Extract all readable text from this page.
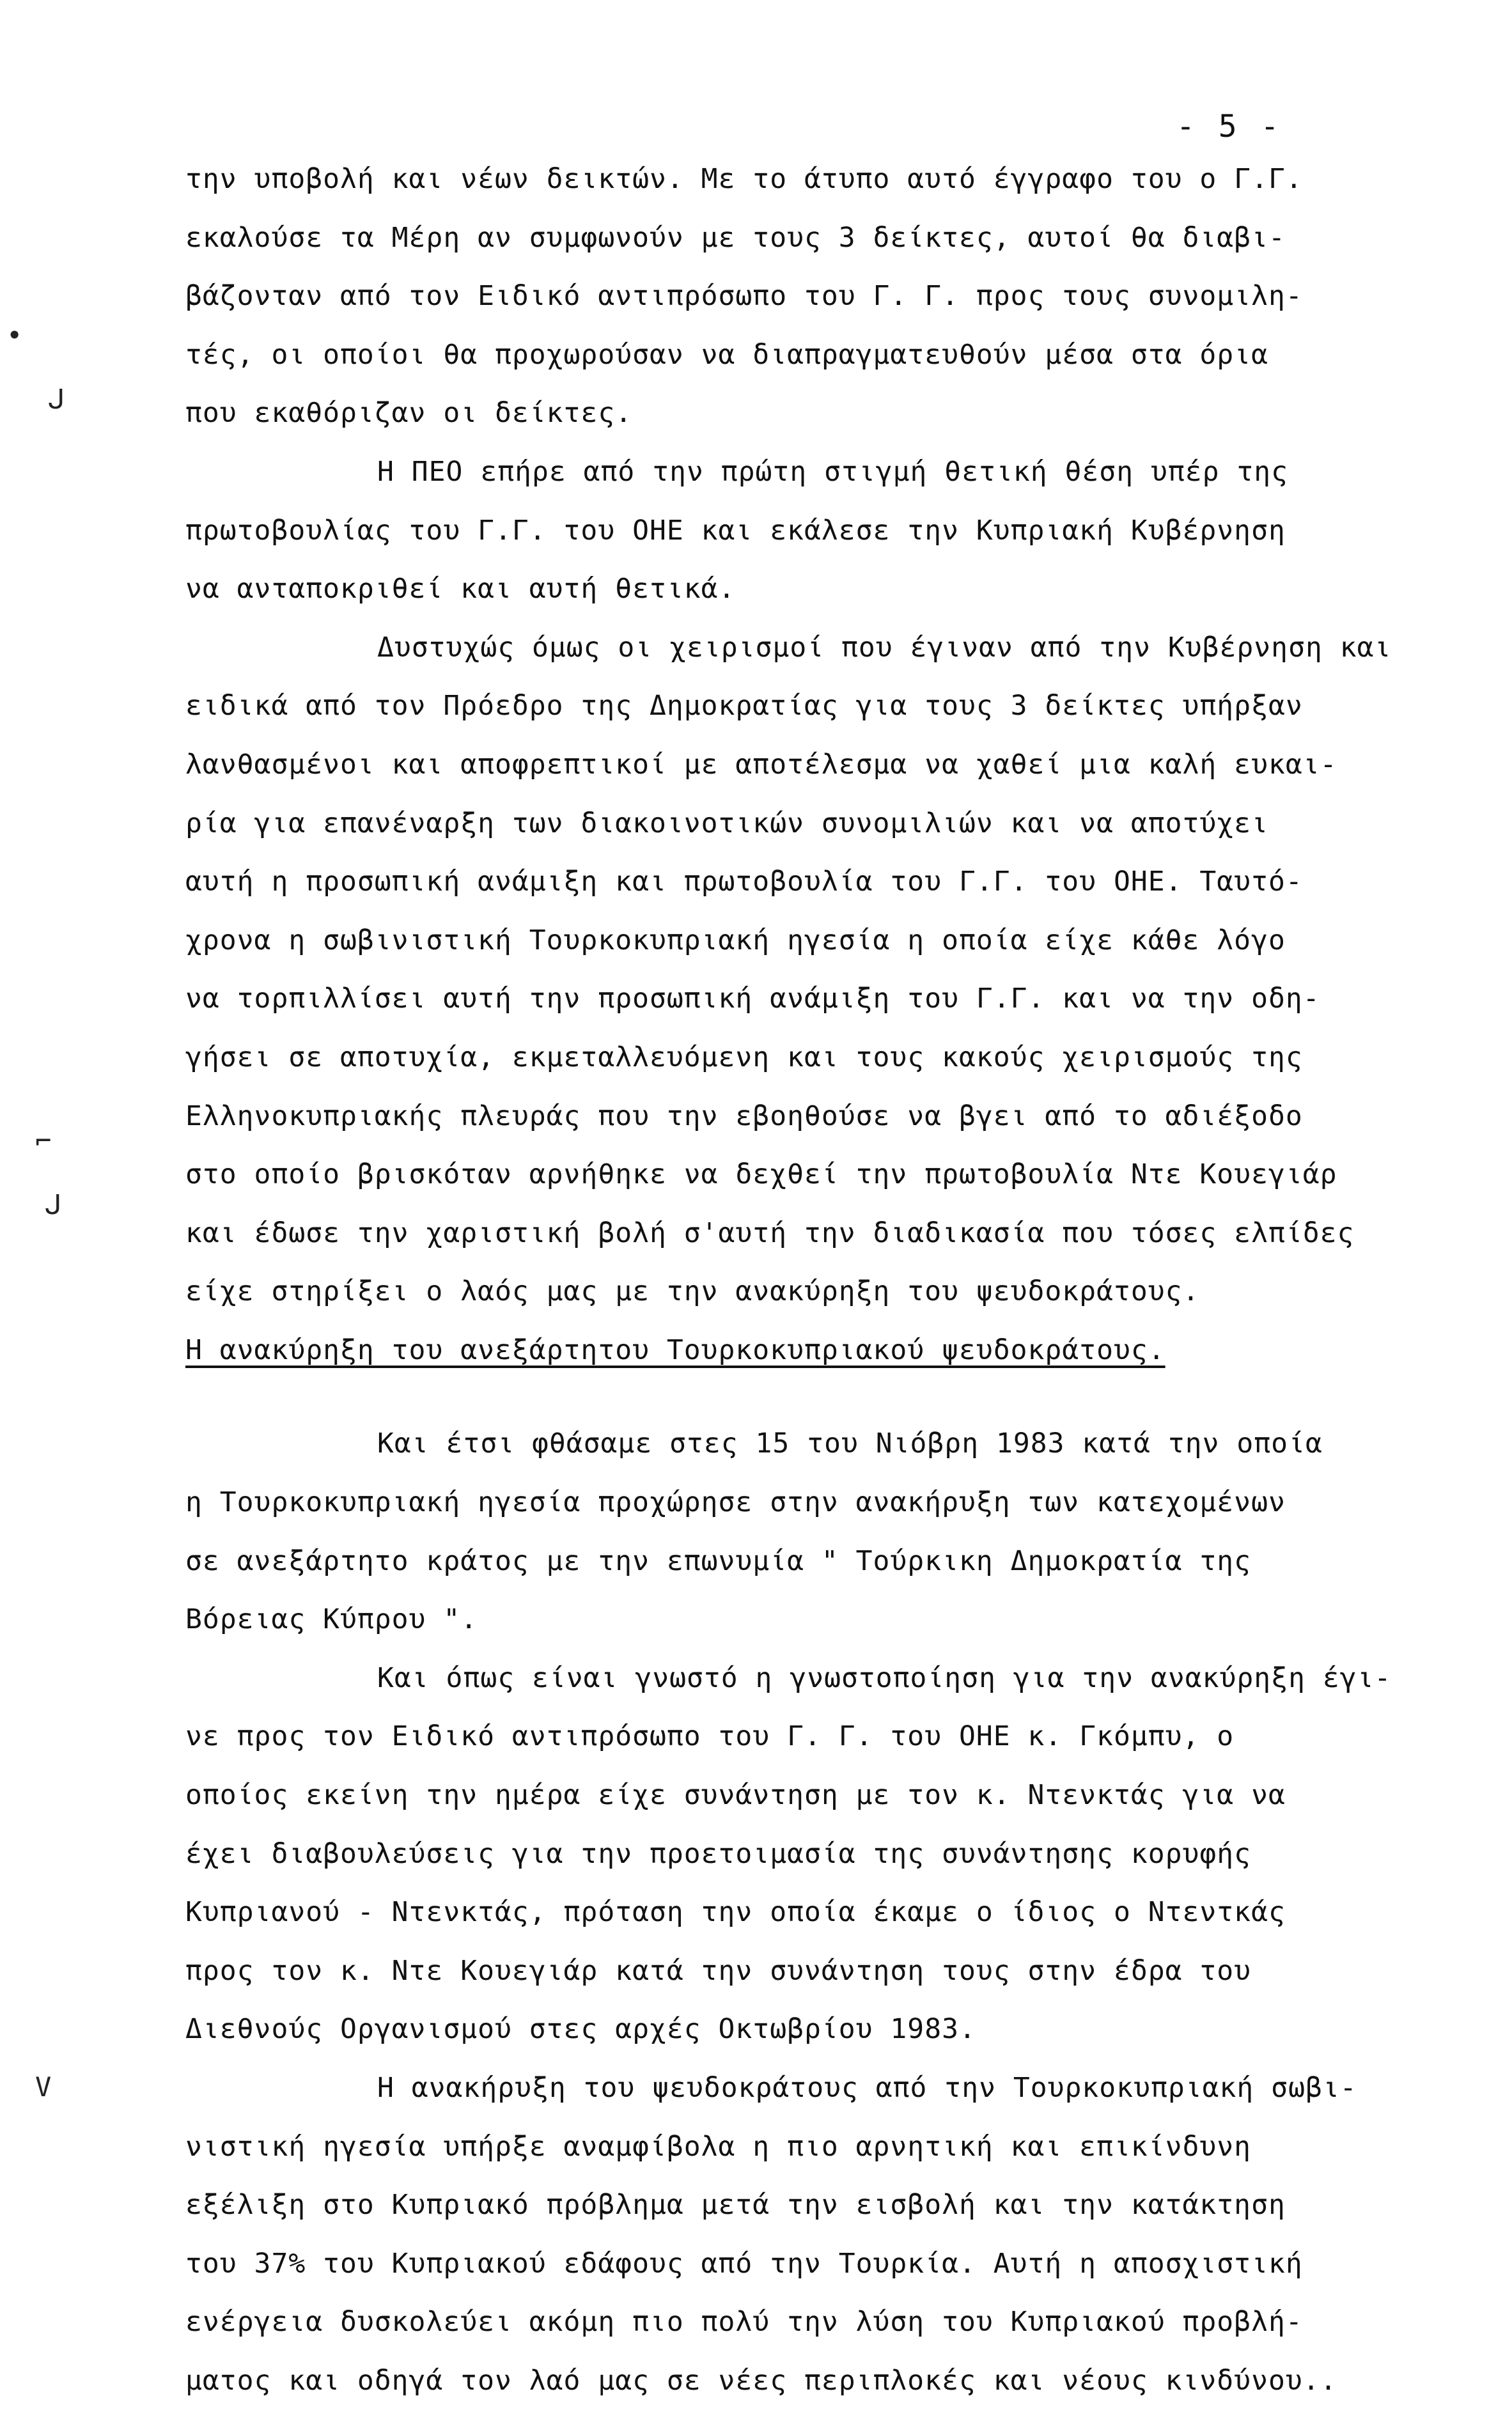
- 5 -
•
ᒍ
⌐
ᒍ
V
την υποβολή και νέων δεικτών. Με το άτυπο αυτό έγγραφο του ο Γ.Γ.
εκαλούσε τα Μέρη αν συμφωνούν με τους 3 δείκτες, αυτοί θα διαβι-
βάζονταν από τον Ειδικό αντιπρόσωπο του Γ. Γ. προς τους συνομιλη-
τές, οι οποίοι θα προχωρούσαν να διαπραγματευθούν μέσα στα όρια
που εκαθόριζαν οι δείκτες.
Η ΠΕΟ επήρε από την πρώτη στιγμή θετική θέση υπέρ της
πρωτοβουλίας του Γ.Γ. του ΟΗΕ και εκάλεσε την Κυπριακή Κυβέρνηση
να ανταποκριθεί και αυτή θετικά.
Δυστυχώς όμως οι χειρισμοί που έγιναν από την Κυβέρνηση και
ειδικά από τον Πρόεδρο της Δημοκρατίας για τους 3 δείκτες υπήρξαν
λανθασμένοι και αποφρεπτικοί με αποτέλεσμα να χαθεί μια καλή ευκαι-
ρία για επανέναρξη των διακοινοτικών συνομιλιών και να αποτύχει
αυτή η προσωπική ανάμιξη και πρωτοβουλία του Γ.Γ. του ΟΗΕ. Ταυτό-
χρονα η σωβινιστική Τουρκοκυπριακή ηγεσία η οποία είχε κάθε λόγο
να τορπιλλίσει αυτή την προσωπική ανάμιξη του Γ.Γ. και να την οδη-
γήσει σε αποτυχία, εκμεταλλευόμενη και τους κακούς χειρισμούς της
Ελληνοκυπριακής πλευράς που την εβοηθούσε να βγει από το αδιέξοδο
στο οποίο βρισκόταν αρνήθηκε να δεχθεί την πρωτοβουλία Ντε Κουεγιάρ
και έδωσε την χαριστική βολή σ'αυτή την διαδικασία που τόσες ελπίδες
είχε στηρίξει ο λαός μας με την ανακύρηξη του ψευδοκράτους.
Η ανακύρηξη του ανεξάρτητου Τουρκοκυπριακού ψευδοκράτους.
Και έτσι φθάσαμε στες 15 του Νιόβρη 1983 κατά την οποία
η Τουρκοκυπριακή ηγεσία προχώρησε στην ανακήρυξη των κατεχομένων
σε ανεξάρτητο κράτος με την επωνυμία " Τούρκικη Δημοκρατία της
Βόρειας Κύπρου ".
Και όπως είναι γνωστό η γνωστοποίηση για την ανακύρηξη έγι-
νε προς τον Ειδικό αντιπρόσωπο του Γ. Γ. του ΟΗΕ κ. Γκόμπυ, ο
οποίος εκείνη την ημέρα είχε συνάντηση με τον κ. Ντενκτάς για να
έχει διαβουλεύσεις για την προετοιμασία της συνάντησης κορυφής
Κυπριανού - Ντενκτάς, πρόταση την οποία έκαμε ο ίδιος ο Ντεντκάς
προς τον κ. Ντε Κουεγιάρ κατά την συνάντηση τους στην έδρα του
Διεθνούς Οργανισμού στες αρχές Οκτωβρίου 1983.
Η ανακήρυξη του ψευδοκράτους από την Τουρκοκυπριακή σωβι-
νιστική ηγεσία υπήρξε αναμφίβολα η πιο αρνητική και επικίνδυνη
εξέλιξη στο Κυπριακό πρόβλημα μετά την εισβολή και την κατάκτηση
του 37% του Κυπριακού εδάφους από την Τουρκία. Αυτή η αποσχιστική
ενέργεια δυσκολεύει ακόμη πιο πολύ την λύση του Κυπριακού προβλή-
ματος και οδηγά τον λαό μας σε νέες περιπλοκές και νέους κινδύνου..
